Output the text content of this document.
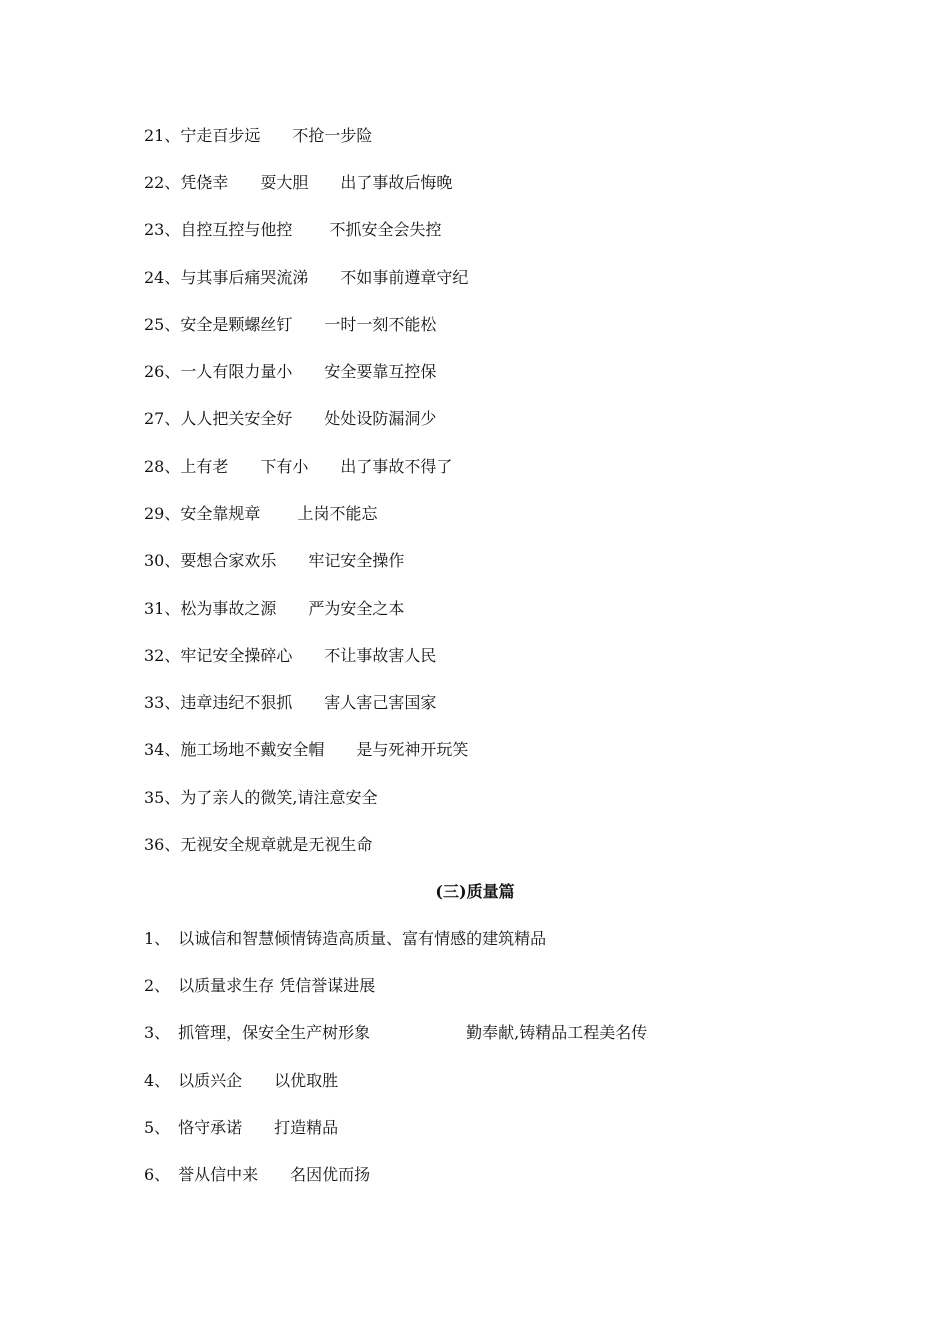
21、宁走百步远　　不抢一步险
22、凭侥幸　　耍大胆　　出了事故后悔晚
23、自控互控与他控　　 不抓安全会失控
24、与其事后痛哭流涕　　不如事前遵章守纪
25、安全是颗螺丝钉　　一时一刻不能松
26、一人有限力量小　　安全要靠互控保
27、人人把关安全好　　处处设防漏洞少
28、上有老　　下有小　　出了事故不得了
29、安全靠规章　　 上岗不能忘
30、要想合家欢乐　　牢记安全操作
31、松为事故之源　　严为安全之本
32、牢记安全操碎心　　不让事故害人民
33、违章违纪不狠抓　　害人害己害国家
34、施工场地不戴安全帽　　是与死神开玩笑
35、为了亲人的微笑,请注意安全
36、无视安全规章就是无视生命
(三)质量篇
1、　以诚信和智慧倾情铸造高质量、富有情感的建筑精品
2、　以质量求生存 凭信誉谋进展
3、　抓管理，保安全生产树形象　　　　　　勤奉献,铸精品工程美名传
4、　以质兴企　　以优取胜
5、　恪守承诺　　打造精品
6、　誉从信中来　　名因优而扬
